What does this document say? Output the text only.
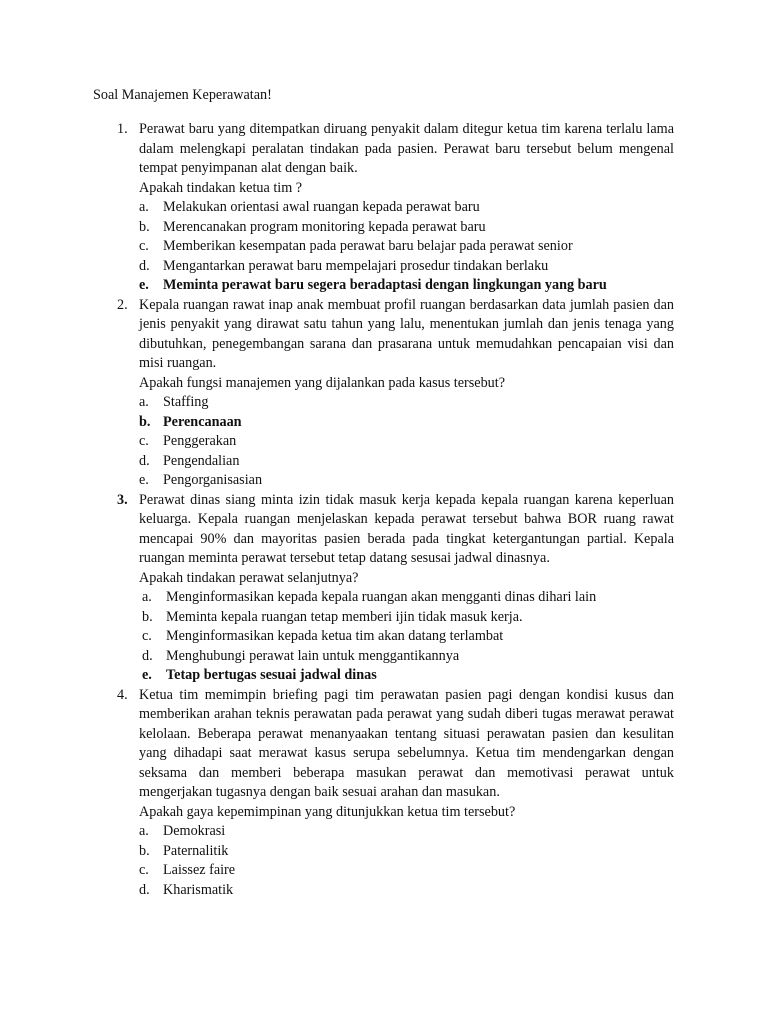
Soal Manajemen Keperawatan!

1. Perawat baru yang ditempatkan diruang penyakit dalam ditegur ketua tim karena terlalu lama dalam melengkapi peralatan tindakan pada pasien. Perawat baru tersebut belum mengenal tempat penyimpanan alat dengan baik.

Apakah tindakan ketua tim ?

a. Melakukan orientasi awal ruangan kepada perawat baru
b. Merencanakan program monitoring kepada perawat baru
c. Memberikan kesempatan pada perawat baru belajar pada perawat senior
d. Mengantarkan perawat baru mempelajari prosedur tindakan berlaku
e. Meminta perawat baru segera beradaptasi dengan lingkungan yang baru
2. Kepala ruangan rawat inap anak membuat profil ruangan berdasarkan data jumlah pasien dan jenis penyakit yang dirawat satu tahun yang lalu, menentukan jumlah dan jenis tenaga yang dibutuhkan, penegembangan sarana dan prasarana untuk memudahkan pencapaian visi dan misi ruangan.

Apakah fungsi manajemen yang dijalankan pada kasus tersebut?

a. Staffing
b. Perencanaan
c. Penggerakan
d. Pengendalian
e. Pengorganisasian
3. Perawat dinas siang minta izin tidak masuk kerja kepada kepala ruangan karena keperluan keluarga. Kepala ruangan menjelaskan kepada perawat tersebut bahwa BOR ruang rawat mencapai 90% dan mayoritas pasien berada pada tingkat ketergantungan partial. Kepala ruangan meminta perawat tersebut tetap datang sesusai jadwal dinasnya.

Apakah tindakan perawat selanjutnya?

a. Menginformasikan kepada kepala ruangan akan mengganti dinas dihari lain
b. Meminta kepala ruangan tetap memberi ijin tidak masuk kerja.
c. Menginformasikan kepada ketua tim akan datang terlambat
d. Menghubungi perawat lain untuk menggantikannya
e. Tetap bertugas sesuai jadwal dinas
4. Ketua tim memimpin briefing pagi tim perawatan pasien pagi dengan kondisi kusus dan memberikan arahan teknis perawatan pada perawat yang sudah diberi tugas merawat perawat kelolaan. Beberapa perawat menanyaakan tentang situasi perawatan pasien dan kesulitan yang dihadapi saat merawat kasus serupa sebelumnya. Ketua tim mendengarkan dengan seksama dan memberi beberapa masukan perawat dan memotivasi perawat untuk mengerjakan tugasnya dengan baik sesuai arahan dan masukan.

Apakah gaya kepemimpinan yang ditunjukkan ketua tim tersebut?

a. Demokrasi
b. Paternalitik
c. Laissez faire
d. Kharismatik
